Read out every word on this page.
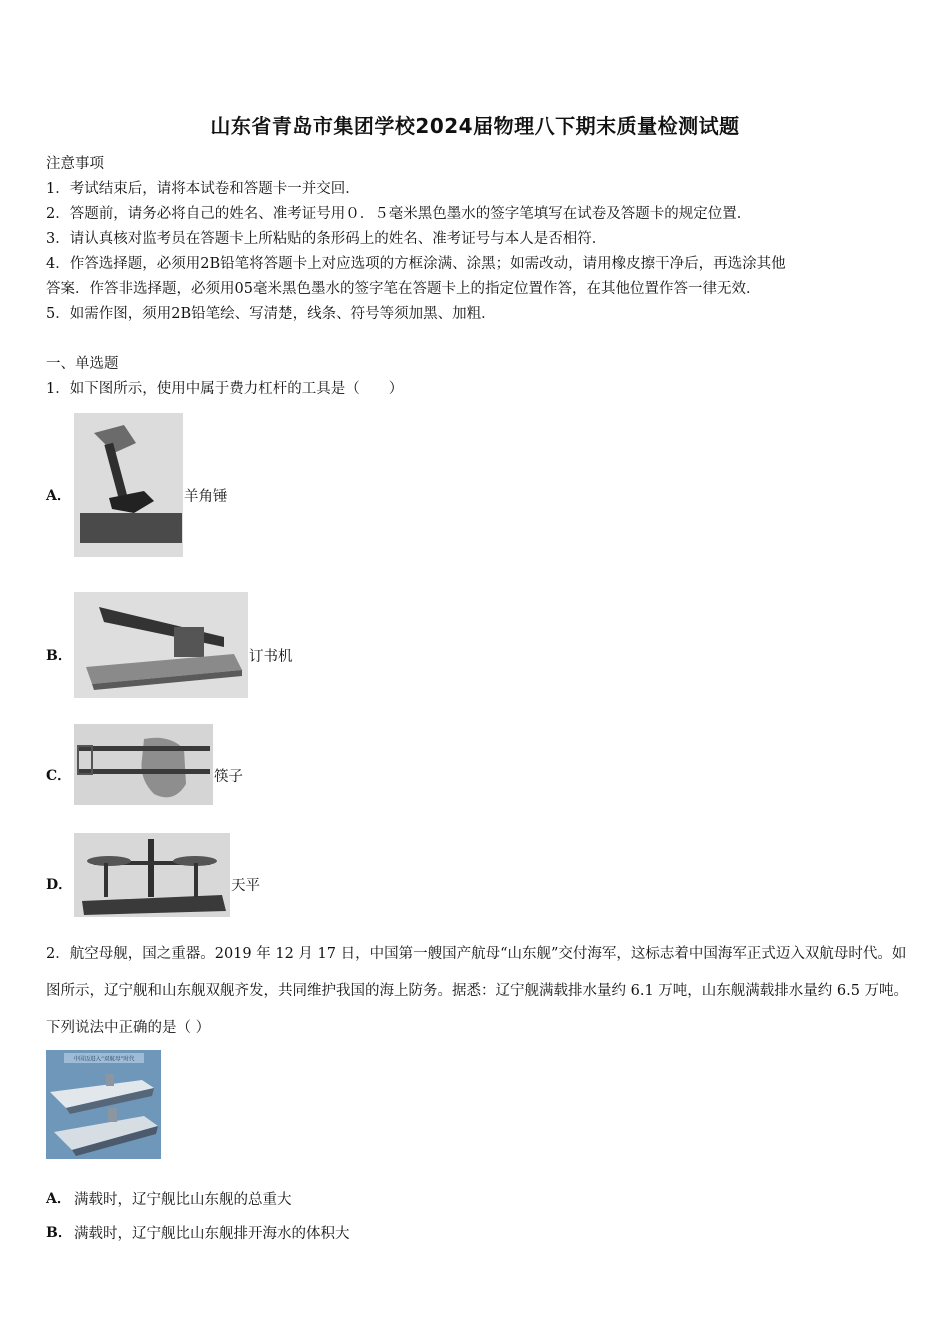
山东省青岛市集团学校2024届物理八下期末质量检测试题
注意事项
1．考试结束后，请将本试卷和答题卡一并交回．
2．答题前，请务必将自己的姓名、准考证号用０．５毫米黑色墨水的签字笔填写在试卷及答题卡的规定位置．
3．请认真核对监考员在答题卡上所粘贴的条形码上的姓名、准考证号与本人是否相符．
4．作答选择题，必须用2B铅笔将答题卡上对应选项的方框涂满、涂黑；如需改动，请用橡皮擦干净后，再选涂其他
答案．作答非选择题，必须用05毫米黑色墨水的签字笔在答题卡上的指定位置作答，在其他位置作答一律无效．
5．如需作图，须用2B铅笔绘、写清楚，线条、符号等须加黑、加粗．
一、单选题
1．如下图所示，使用中属于费力杠杆的工具是（　　）
A．	羊角锤
B．	订书机
C．	筷子
D．	天平
2．航空母舰，国之重器。2019 年 12 月 17 日，中国第一艘国产航母“山东舰”交付海军，这标志着中国海军正式迈入双航母时代。如图所示，辽宁舰和山东舰双舰齐发，共同维护我国的海上防务。据悉：辽宁舰满载排水量约 6.1 万吨，山东舰满载排水量约 6.5 万吨。下列说法中正确的是（ ）
中国迈进入“双航母”时代
A． 满载时，辽宁舰比山东舰的总重大
B． 满载时，辽宁舰比山东舰排开海水的体积大
